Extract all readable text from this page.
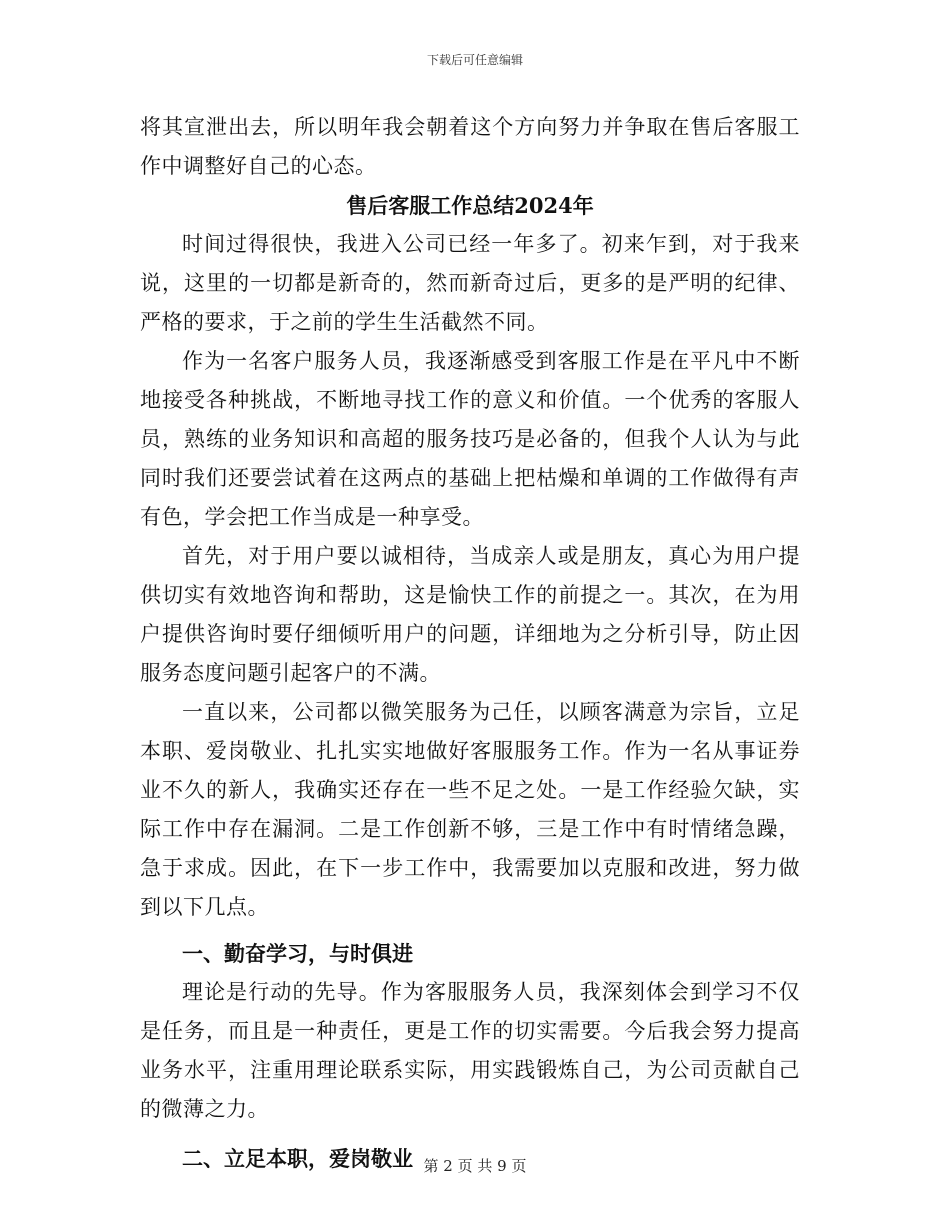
下载后可任意编辑

将其宣泄出去，所以明年我会朝着这个方向努力并争取在售后客服工作中调整好自己的心态。

售后客服工作总结2024年

时间过得很快，我进入公司已经一年多了。初来乍到，对于我来说，这里的一切都是新奇的，然而新奇过后，更多的是严明的纪律、严格的要求，于之前的学生生活截然不同。

作为一名客户服务人员，我逐渐感受到客服工作是在平凡中不断地接受各种挑战，不断地寻找工作的意义和价值。一个优秀的客服人员，熟练的业务知识和高超的服务技巧是必备的，但我个人认为与此同时我们还要尝试着在这两点的基础上把枯燥和单调的工作做得有声有色，学会把工作当成是一种享受。

首先，对于用户要以诚相待，当成亲人或是朋友，真心为用户提供切实有效地咨询和帮助，这是愉快工作的前提之一。其次，在为用户提供咨询时要仔细倾听用户的问题，详细地为之分析引导，防止因服务态度问题引起客户的不满。

一直以来，公司都以微笑服务为己任，以顾客满意为宗旨，立足本职、爱岗敬业、扎扎实实地做好客服服务工作。作为一名从事证券业不久的新人，我确实还存在一些不足之处。一是工作经验欠缺，实际工作中存在漏洞。二是工作创新不够，三是工作中有时情绪急躁，急于求成。因此，在下一步工作中，我需要加以克服和改进，努力做到以下几点。

一、勤奋学习，与时俱进

理论是行动的先导。作为客服服务人员，我深刻体会到学习不仅是任务，而且是一种责任，更是工作的切实需要。今后我会努力提高业务水平，注重用理论联系实际，用实践锻炼自己，为公司贡献自己的微薄之力。

二、立足本职，爱岗敬业 第 2 页 共 9 页
